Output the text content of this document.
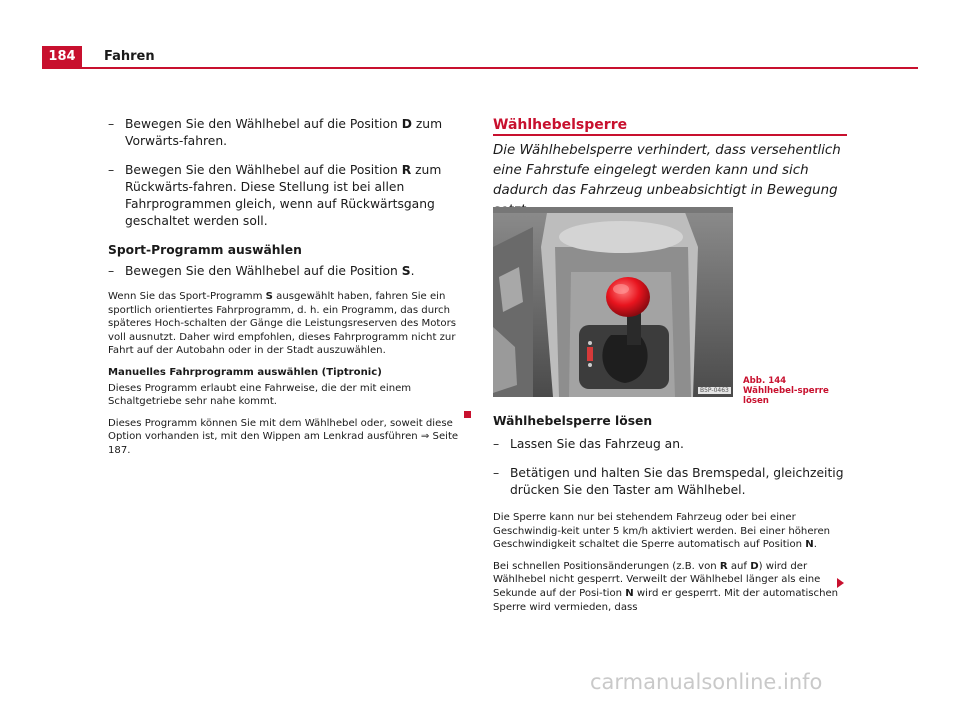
184	Fahren
– Bewegen Sie den Wählhebel auf die Position D zum Vorwärts-fahren.
– Bewegen Sie den Wählhebel auf die Position R zum Rückwärts-fahren. Diese Stellung ist bei allen Fahrprogrammen gleich, wenn auf Rückwärtsgang geschaltet werden soll.
Sport-Programm auswählen
– Bewegen Sie den Wählhebel auf die Position S.

Wenn Sie das Sport-Programm S ausgewählt haben, fahren Sie ein sportlich orientiertes Fahrprogramm, d. h. ein Programm, das durch späteres Hoch-schalten der Gänge die Leistungsreserven des Motors voll ausnutzt. Daher wird empfohlen, dieses Fahrprogramm nicht zur Fahrt auf der Autobahn oder in der Stadt auszuwählen.

Manuelles Fahrprogramm auswählen (Tiptronic)

Dieses Programm erlaubt eine Fahrweise, die der mit einem Schaltgetriebe sehr nahe kommt.

Dieses Programm können Sie mit dem Wählhebel oder, soweit diese Option vorhanden ist, mit den Wippen am Lenkrad ausführen ⇒ Seite 187.

Wählhebelsperre
Die Wählhebelsperre verhindert, dass versehentlich eine Fahrstufe eingelegt werden kann und sich dadurch das Fahrzeug unbeabsichtigt in Bewegung
B5P-0463
Abb. 144 Wählhebel-sperre lösen
Wählhebelsperre lösen
– Lassen Sie das Fahrzeug an.
– Betätigen und halten Sie das Bremspedal, gleichzeitig drücken Sie den Taster am Wählhebel.

Die Sperre kann nur bei stehendem Fahrzeug oder bei einer Geschwindig-keit unter 5 km/h aktiviert werden. Bei einer höheren Geschwindigkeit schaltet die Sperre automatisch auf Position N.

Bei schnellen Positionsänderungen (z.B. von R auf D) wird der Wählhebel nicht gesperrt. Verweilt der Wählhebel länger als eine Sekunde auf der Posi-tion N wird er gesperrt. Mit der automatischen Sperre wird vermieden, dass

carmanualsonline.info
